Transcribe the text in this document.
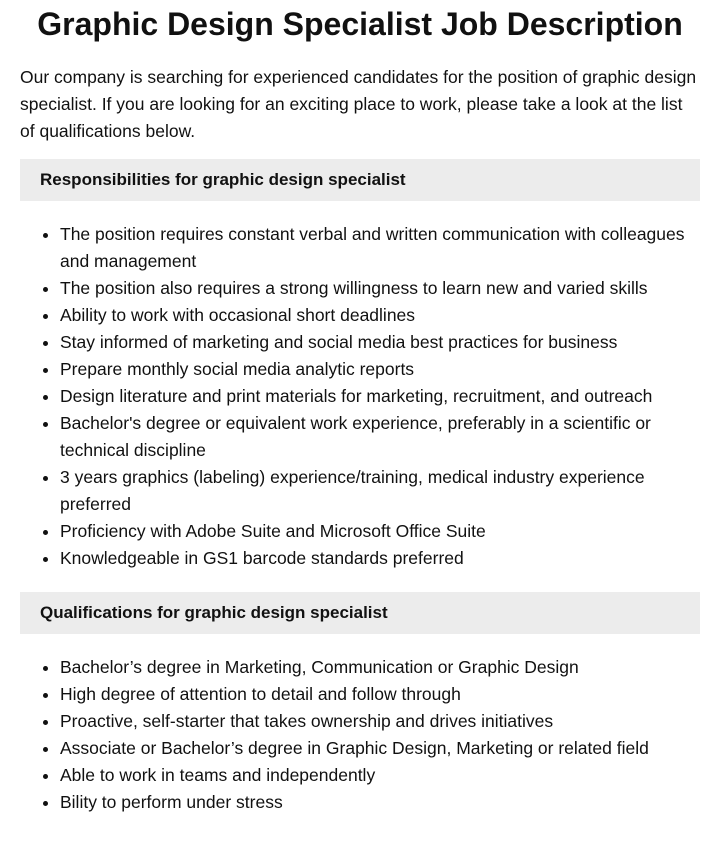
Graphic Design Specialist Job Description

Our company is searching for experienced candidates for the position of graphic design specialist. If you are looking for an exciting place to work, please take a look at the list of qualifications below.

Responsibilities for graphic design specialist
• The position requires constant verbal and written communication with colleagues and management
• The position also requires a strong willingness to learn new and varied skills
• Ability to work with occasional short deadlines
• Stay informed of marketing and social media best practices for business
• Prepare monthly social media analytic reports
• Design literature and print materials for marketing, recruitment, and outreach
• Bachelor's degree or equivalent work experience, preferably in a scientific or technical discipline
• 3 years graphics (labeling) experience/training, medical industry experience preferred
• Proficiency with Adobe Suite and Microsoft Office Suite
• Knowledgeable in GS1 barcode standards preferred
Qualifications for graphic design specialist
• Bachelor’s degree in Marketing, Communication or Graphic Design
• High degree of attention to detail and follow through
• Proactive, self-starter that takes ownership and drives initiatives
• Associate or Bachelor’s degree in Graphic Design, Marketing or related field
• Able to work in teams and independently
• Bility to perform under stress
